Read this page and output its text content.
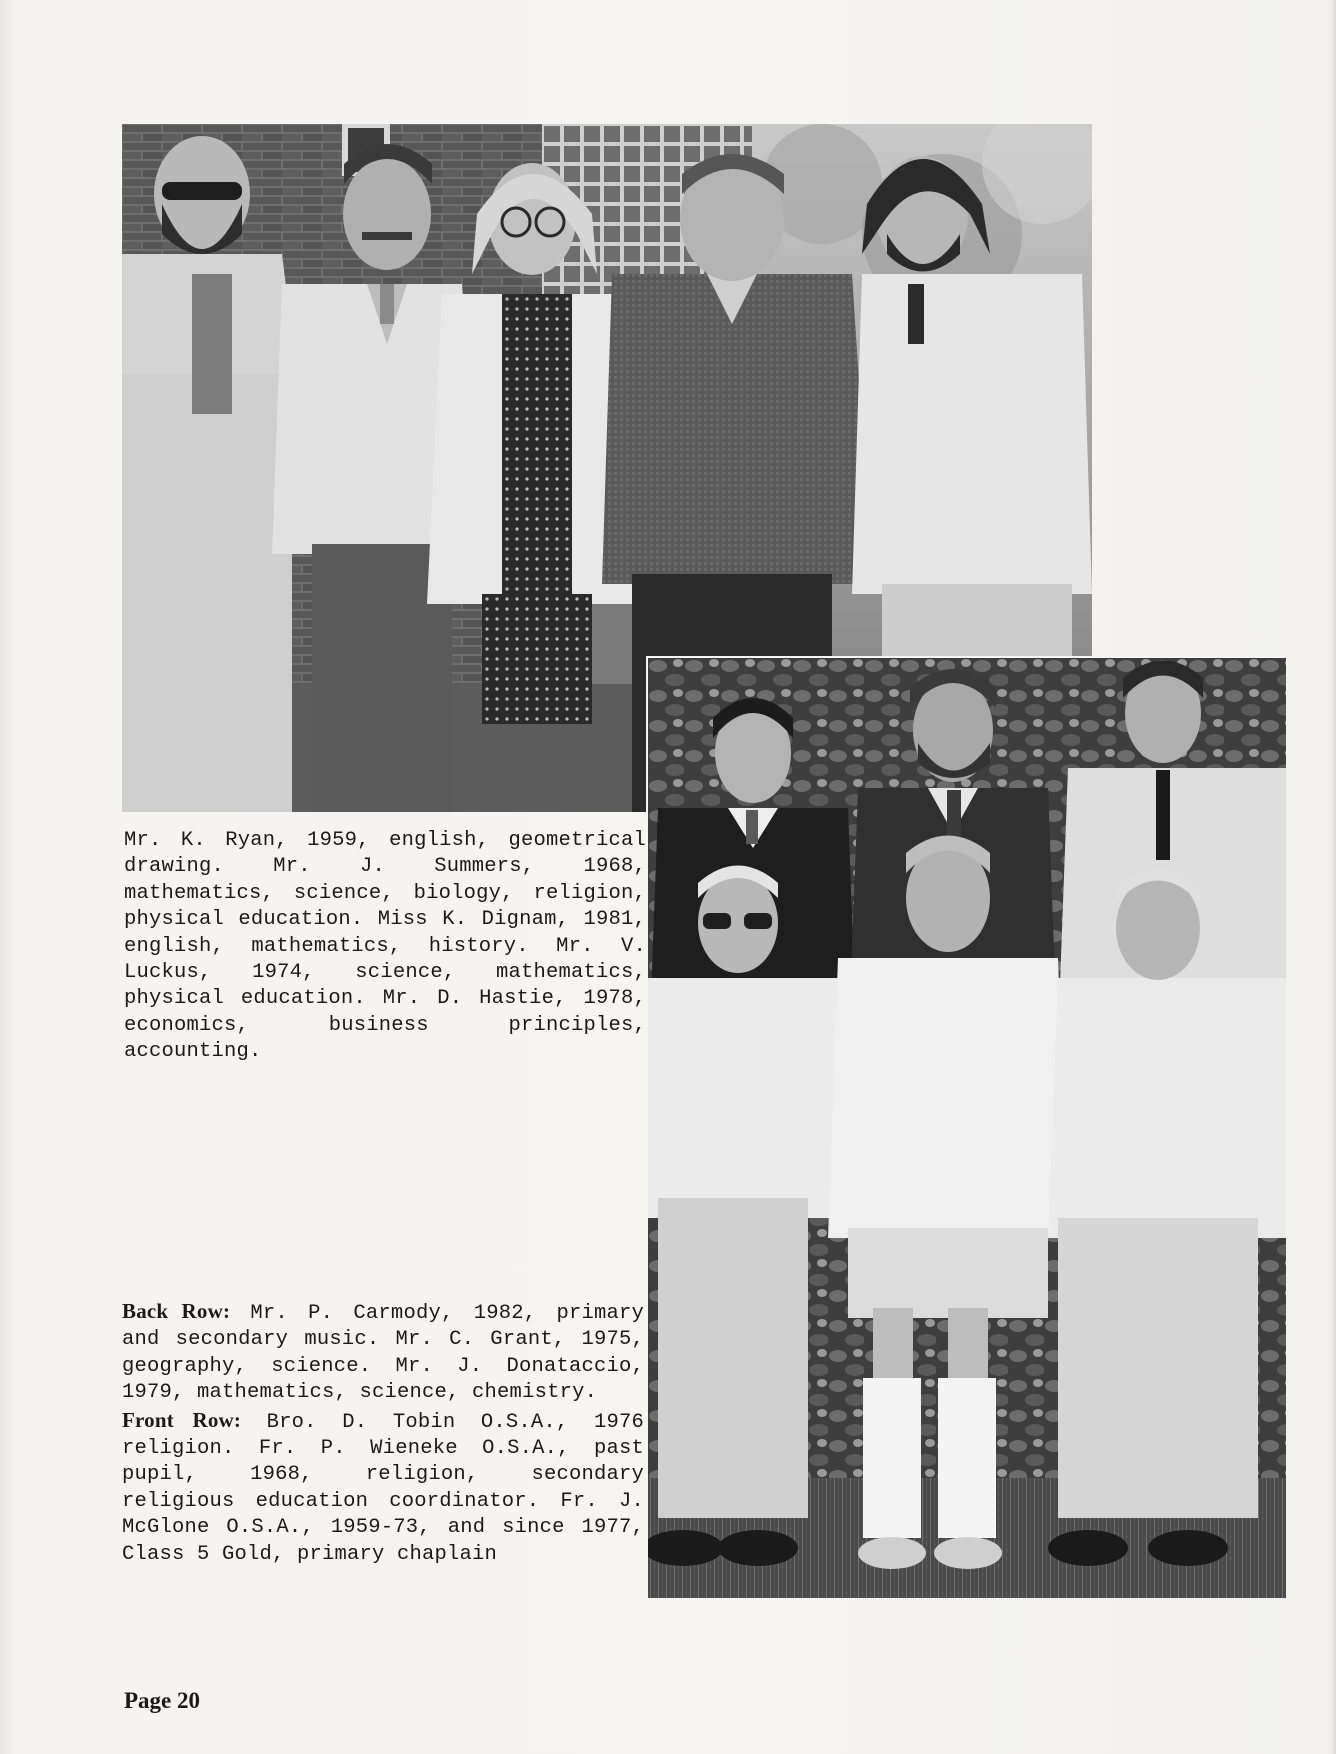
Mr. K. Ryan, 1959, english, geometrical drawing. Mr. J. Summers, 1968, mathematics, science, biology, religion, physical education. Miss K. Dignam, 1981, english, mathematics, history. Mr. V. Luckus, 1974, science, mathematics, physical education. Mr. D. Hastie, 1978, economics, business principles, accounting.

Back Row: Mr. P. Carmody, 1982, primary and secondary music. Mr. C. Grant, 1975, geography, science. Mr. J. Donataccio, 1979, mathematics, science, chemistry.
Front Row: Bro. D. Tobin O.S.A., 1976 religion. Fr. P. Wieneke O.S.A., past pupil, 1968, religion, secondary religious education coordinator. Fr. J. McGlone O.S.A., 1959-73, and since 1977, Class 5 Gold, primary chaplain

Page 20
